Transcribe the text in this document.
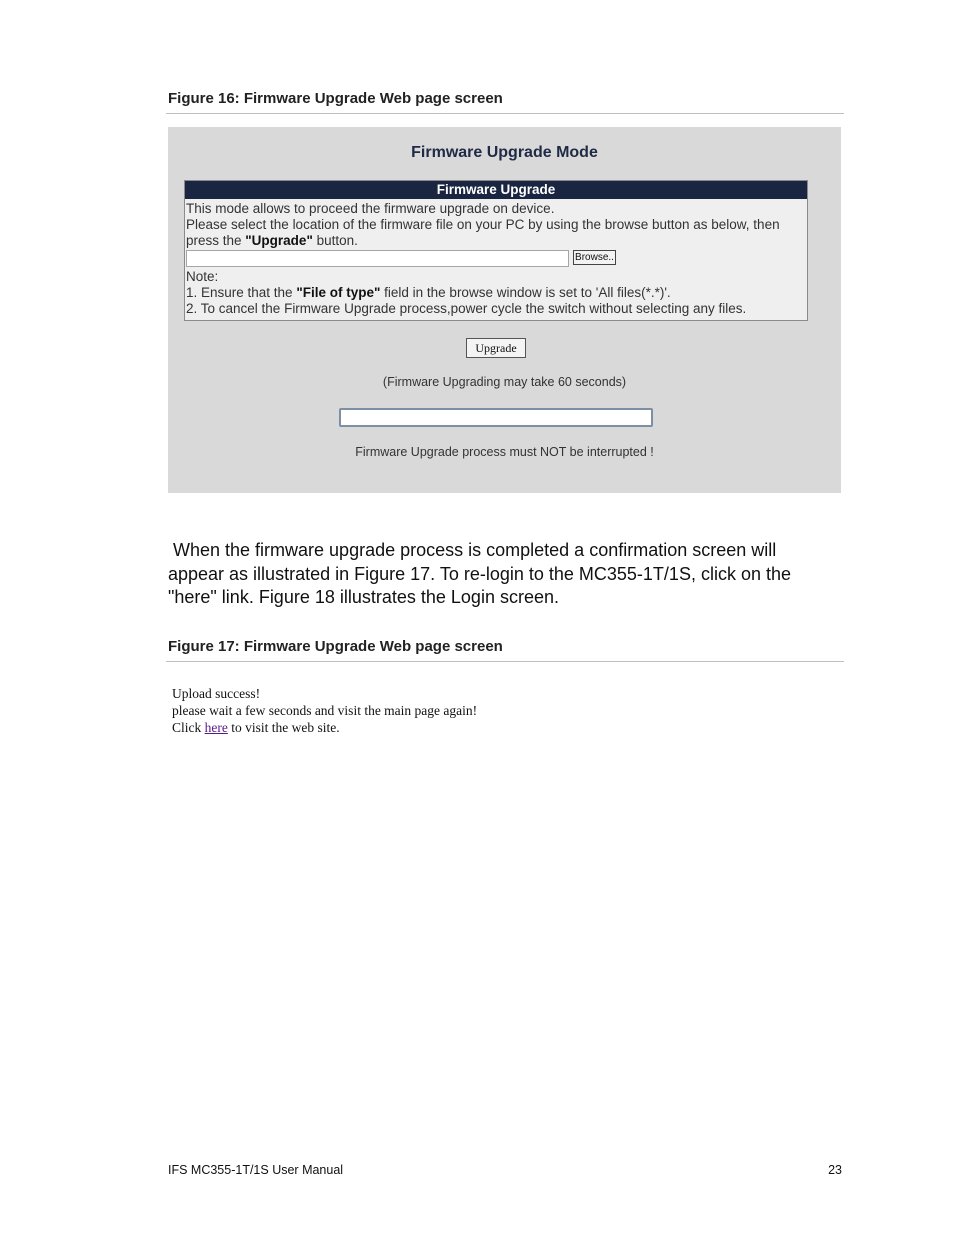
Figure 16: Firmware Upgrade Web page screen
Firmware Upgrade Mode
Firmware Upgrade
This mode allows to proceed the firmware upgrade on device.
Please select the location of the firmware file on your PC by using the browse button as below, then
press the "Upgrade" button.
Browse..
Note:
1. Ensure that the "File of type" field in the browse window is set to 'All files(*.*)'.
2. To cancel the Firmware Upgrade process,power cycle the switch without selecting any files.
Upgrade
(Firmware Upgrading may take 60 seconds)
Firmware Upgrade process must NOT be interrupted !

When the firmware upgrade process is completed a confirmation screen will
appear as illustrated in Figure 17. To re-login to the MC355-1T/1S, click on the
"here" link. Figure 18 illustrates the Login screen.

Figure 17: Firmware Upgrade Web page screen
Upload success!
please wait a few seconds and visit the main page again!
Click here to visit the web site.
IFS MC355-1T/1S User Manual	23
